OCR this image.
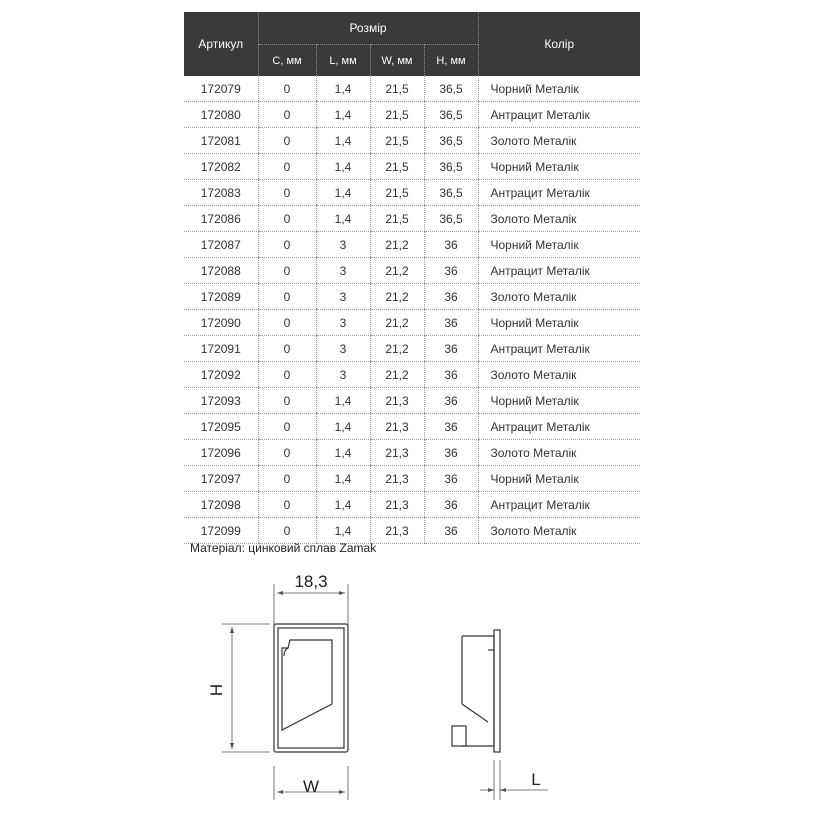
Артикул	Розмір				Колір
	C, мм	L, мм	W, мм	H, мм	
172079	0	1,4	21,5	36,5	Чорний Металік
172080	0	1,4	21,5	36,5	Антрацит Металік
172081	0	1,4	21,5	36,5	Золото Металік
172082	0	1,4	21,5	36,5	Чорний Металік
172083	0	1,4	21,5	36,5	Антрацит Металік
172086	0	1,4	21,5	36,5	Золото Металік
172087	0	3	21,2	36	Чорний Металік
172088	0	3	21,2	36	Антрацит Металік
172089	0	3	21,2	36	Золото Металік
172090	0	3	21,2	36	Чорний Металік
172091	0	3	21,2	36	Антрацит Металік
172092	0	3	21,2	36	Золото Металік
172093	0	1,4	21,3	36	Чорний Металік
172095	0	1,4	21,3	36	Антрацит Металік
172096	0	1,4	21,3	36	Золото Металік
172097	0	1,4	21,3	36	Чорний Металік
172098	0	1,4	21,3	36	Антрацит Металік
172099	0	1,4	21,3	36	Золото Металік
Матеріал: цинковий сплав Zamak
18,3
H
W	L
